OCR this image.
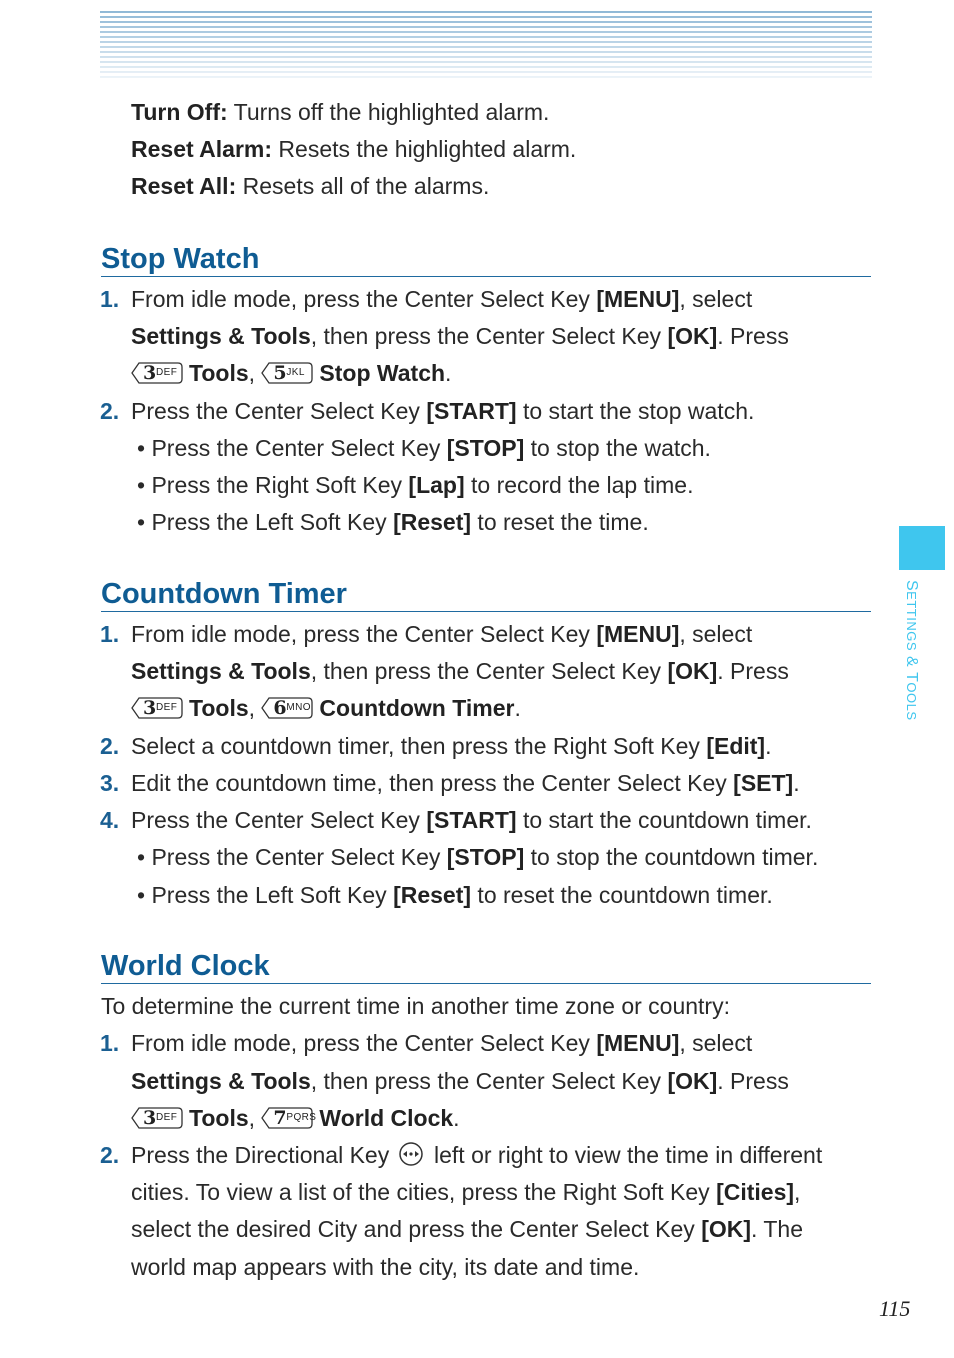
SETTINGS & TOOLS
Turn Off: Turns off the highlighted alarm.
Reset Alarm: Resets the highlighted alarm.
Reset All: Resets all of the alarms.
Stop Watch
1. From idle mode, press the Center Select Key [MENU], select
Settings & Tools, then press the Center Select Key [OK]. Press
3 DEF Tools, 5 JKL Stop Watch.
2. Press the Center Select Key [START] to start the stop watch.
• Press the Center Select Key [STOP] to stop the watch.
• Press the Right Soft Key [Lap] to record the lap time.
• Press the Left Soft Key [Reset] to reset the time.
Countdown Timer
1. From idle mode, press the Center Select Key [MENU], select
Settings & Tools, then press the Center Select Key [OK]. Press
3 DEF Tools, 6 MNO Countdown Timer.
2. Select a countdown timer, then press the Right Soft Key [Edit].
3. Edit the countdown time, then press the Center Select Key [SET].
4. Press the Center Select Key [START] to start the countdown timer.
• Press the Center Select Key [STOP] to stop the countdown timer.
• Press the Left Soft Key [Reset] to reset the countdown timer.
World Clock
To determine the current time in another time zone or country:
1. From idle mode, press the Center Select Key [MENU], select
Settings & Tools, then press the Center Select Key [OK]. Press
3 DEF Tools, 7 PQRS World Clock.
2. Press the Directional Key  left or right to view the time in different
cities. To view a list of the cities, press the Right Soft Key [Cities],
select the desired City and press the Center Select Key [OK]. The
world map appears with the city, its date and time.
115
